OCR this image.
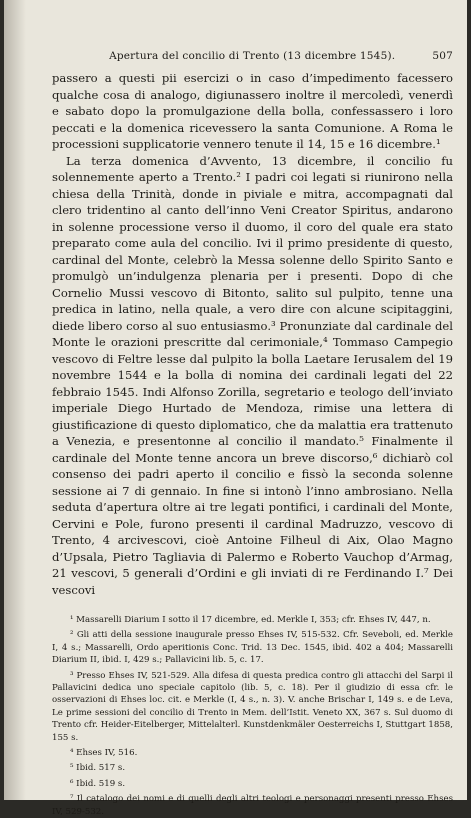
Apertura del concilio di Trento (13 dicembre 1545).	507

passero a questi pii esercizi o in caso d’impedimento facessero qualche cosa di analogo, digiunassero inoltre il mercoledì, venerdì e sabato dopo la promulgazione della bolla, confessassero i loro peccati e la domenica ricevessero la santa Comunione. A Roma le processioni supplicatorie vennero tenute il 14, 15 e 16 dicembre.¹

La terza domenica d’Avvento, 13 dicembre, il concilio fu solennemente aperto a Trento.² I padri coi legati si riunirono nella chiesa della Trinità, donde in piviale e mitra, accompagnati dal clero tridentino al canto dell’inno Veni Creator Spiritus, andarono in solenne processione verso il duomo, il coro del quale era stato preparato come aula del concilio. Ivi il primo presidente di questo, cardinal del Monte, celebrò la Messa solenne dello Spirito Santo e promulgò un’indulgenza plenaria per i presenti. Dopo di che Cornelio Mussi vescovo di Bitonto, salito sul pulpito, tenne una predica in latino, nella quale, a vero dire con alcune scipitaggini, diede libero corso al suo entusiasmo.³ Pronunziate dal cardinale del Monte le orazioni prescritte dal cerimoniale,⁴ Tommaso Campegio vescovo di Feltre lesse dal pulpito la bolla Laetare Ierusalem del 19 novembre 1544 e la bolla di nomina dei cardinali legati del 22 febbraio 1545. Indi Alfonso Zorilla, segretario e teologo dell’inviato imperiale Diego Hurtado de Mendoza, rimise una lettera di giustificazione di questo diplomatico, che da malattia era trattenuto a Venezia, e presentonne al concilio il mandato.⁵ Finalmente il cardinale del Monte tenne ancora un breve discorso,⁶ dichiarò col consenso dei padri aperto il concilio e fissò la seconda solenne sessione ai 7 di gennaio. In fine si intonò l’inno ambrosiano. Nella seduta d’apertura oltre ai tre legati pontifici, i cardinali del Monte, Cervini e Pole, furono presenti il cardinal Madruzzo, vescovo di Trento, 4 arcivescovi, cioè Antoine Filheul di Aix, Olao Magno d’Upsala, Pietro Tagliavia di Palermo e Roberto Vauchop d’Armag, 21 vescovi, 5 generali d’Ordini e gli inviati di re Ferdinando I.⁷ Dei vescovi

¹ Massarelli Diarium I sotto il 17 dicembre, ed. Merkle I, 353; cfr. Ehses IV, 447, n.

² Gli atti della sessione inaugurale presso Ehses IV, 515-532. Cfr. Seveboli, ed. Merkle I, 4 s.; Massarelli, Ordo aperitionis Conc. Trid. 13 Dec. 1545, ibid. 402 a 404; Massarelli Diarium II, ibid. I, 429 s.; Pallavicini lib. 5, c. 17.

³ Presso Ehses IV, 521-529. Alla difesa di questa predica contro gli attacchi del Sarpi il Pallavicini dedica uno speciale capitolo (lib. 5, c. 18). Per il giudizio di essa cfr. le osservazioni di Ehses loc. cit. e Merkle (I, 4 s., n. 3). V. anche Brischar I, 149 s. e de Leva, Le prime sessioni del concilio di Trento in Mem. dell’Istit. Veneto XX, 367 s. Sul duomo di Trento cfr. Heider-Eitelberger, Mittelalterl. Kunstdenkmäler Oesterreichs I, Stuttgart 1858, 155 s.

⁴ Ehses IV, 516.

⁵ Ibid. 517 s.

⁶ Ibid. 519 s.

⁷ Il catalogo dei nomi e di quelli degli altri teologi e personaggi presenti presso Ehses IV, 529-532.
